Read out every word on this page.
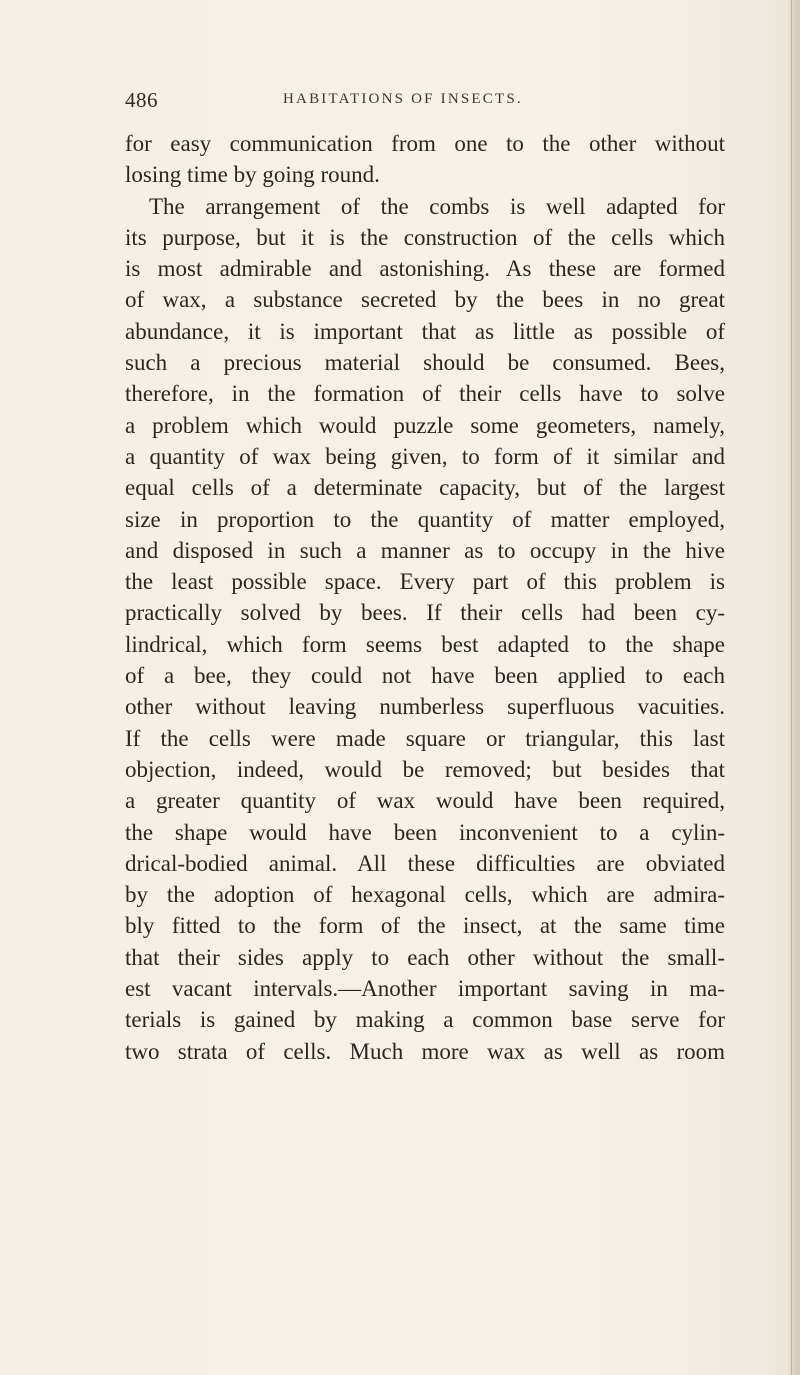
486	HABITATIONS OF INSECTS.
for easy communication from one to the other without
losing time by going round.
The arrangement of the combs is well adapted for
its purpose, but it is the construction of the cells which
is most admirable and astonishing. As these are formed
of wax, a substance secreted by the bees in no great
abundance, it is important that as little as possible of
such a precious material should be consumed. Bees,
therefore, in the formation of their cells have to solve
a problem which would puzzle some geometers, namely,
a quantity of wax being given, to form of it similar and
equal cells of a determinate capacity, but of the largest
size in proportion to the quantity of matter employed,
and disposed in such a manner as to occupy in the hive
the least possible space. Every part of this problem is
practically solved by bees. If their cells had been cy-
lindrical, which form seems best adapted to the shape
of a bee, they could not have been applied to each
other without leaving numberless superfluous vacuities.
If the cells were made square or triangular, this last
objection, indeed, would be removed; but besides that
a greater quantity of wax would have been required,
the shape would have been inconvenient to a cylin-
drical-bodied animal. All these difficulties are obviated
by the adoption of hexagonal cells, which are admira-
bly fitted to the form of the insect, at the same time
that their sides apply to each other without the small-
est vacant intervals.—Another important saving in ma-
terials is gained by making a common base serve for
two strata of cells. Much more wax as well as room
